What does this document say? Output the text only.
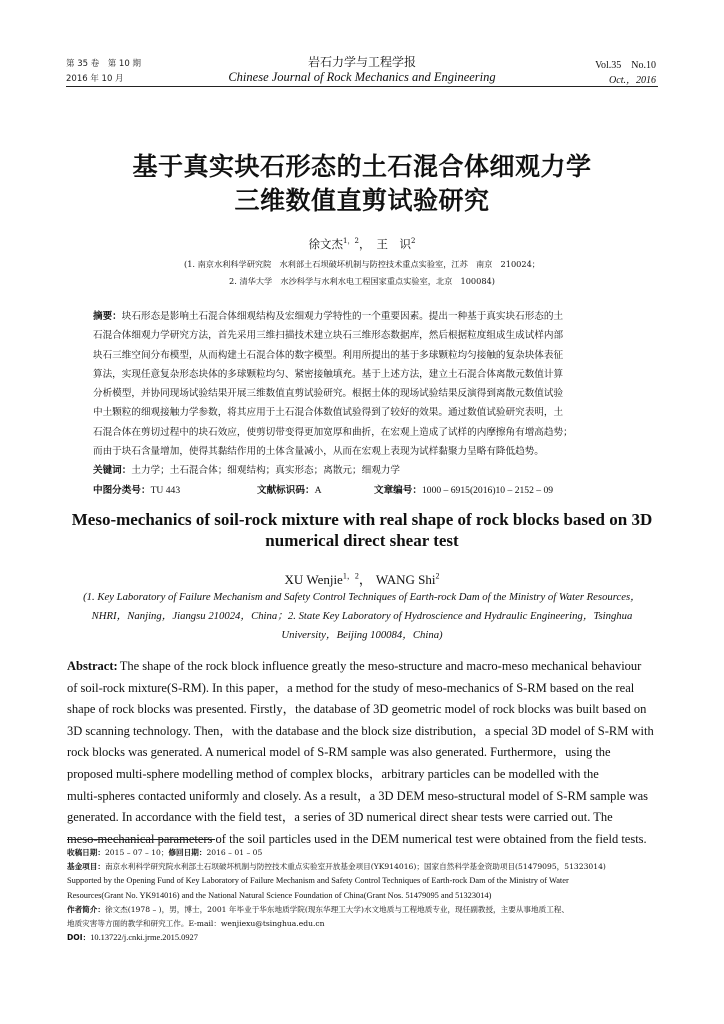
第 35 卷　第 10 期
2016 年 10 月
岩石力学与工程学报
Chinese Journal of Rock Mechanics and Engineering
Vol.35　No.10
Oct.，2016
基于真实块石形态的土石混合体细观力学
三维数值直剪试验研究
徐文杰$^{1,2}$， 王　识$^2$
(1. 南京水利科学研究院　水利部土石坝破坏机制与防控技术重点实验室，江苏　南京　210024；
2. 清华大学　水沙科学与水利水电工程国家重点实验室，北京　100084)
摘要：块石形态是影响土石混合体细观结构及宏细观力学特性的一个重要因素。提出一种基于真实块石形态的土
石混合体细观力学研究方法，首先采用三维扫描技术建立块石三维形态数据库，然后根据粒度组成生成试样内部
块石三维空间分布模型，从而构建土石混合体的数字模型。利用所提出的基于多球颗粒均匀接触的复杂块体表征
算法，实现任意复杂形态块体的多球颗粒均匀、紧密接触填充。基于上述方法，建立土石混合体离散元数值计算
分析模型，并协同现场试验结果开展三维数值直剪试验研究。根据土体的现场试验结果反演得到离散元数值试验
中土颗粒的细观接触力学参数，将其应用于土石混合体数值试验得到了较好的效果。通过数值试验研究表明，土
石混合体在剪切过程中的块石效应，使剪切带变得更加宽厚和曲折，在宏观上造成了试样的内摩擦角有增高趋势；
而由于块石含量增加，使得其黏结作用的土体含量减小，从而在宏观上表现为试样黏聚力呈略有降低趋势。
关键词：土力学；土石混合体；细观结构；真实形态；离散元；细观力学
中图分类号：TU 443	文献标识码：A	文章编号：1000 – 6915(2016)10 – 2152 – 09
Meso-mechanics of soil-rock mixture with real shape of rock blocks based on 3D
numerical direct shear test
XU Wenjie$^{1,2}$， WANG Shi$^2$
(1. Key Laboratory of Failure Mechanism and Safety Control Techniques of Earth-rock Dam of the Ministry of Water Resources，
NHRI，Nanjing，Jiangsu 210024，China；2. State Key Laboratory of Hydroscience and Hydraulic Engineering，Tsinghua
University，Beijing 100084，China)
Abstract: The shape of the rock block influence greatly the meso-structure and macro-meso mechanical behaviour
of soil-rock mixture(S-RM). In this paper，a method for the study of meso-mechanics of S-RM based on the real
shape of rock blocks was presented. Firstly，the database of 3D geometric model of rock blocks was built based on
3D scanning technology. Then，with the database and the block size distribution，a special 3D model of S-RM with
rock blocks was generated. A numerical model of S-RM sample was also generated. Furthermore，using the
proposed multi-sphere modelling method of complex blocks，arbitrary particles can be modelled with the
multi-spheres contacted uniformly and closely. As a result，a 3D DEM meso-structural model of S-RM sample was
generated. In accordance with the field test，a series of 3D numerical direct shear tests were carried out. The
meso-mechanical parameters of the soil particles used in the DEM numerical test were obtained from the field tests.
收稿日期：2015 – 07 – 10；修回日期：2016 – 01 – 05
基金项目：南京水利科学研究院水利部土石坝破坏机制与防控技术重点实验室开放基金项目(YK914016)；国家自然科学基金资助项目(51479095，51323014)
Supported by the Opening Fund of Key Laboratory of Failure Mechanism and Safety Control Techniques of Earth-rock Dam of the Ministry of Water
Resources(Grant No. YK914016) and the National Natural Science Foundation of China(Grant Nos. 51479095 and 51323014)
作者简介：徐文杰(1978 – )，男，博士，2001 年毕业于华东地质学院(现东华理工大学)水文地质与工程地质专业，现任副教授，主要从事地质工程、
地质灾害等方面的教学和研究工作。E-mail：wenjiexu@tsinghua.edu.cn
DOI：10.13722/j.cnki.jrme.2015.0927
